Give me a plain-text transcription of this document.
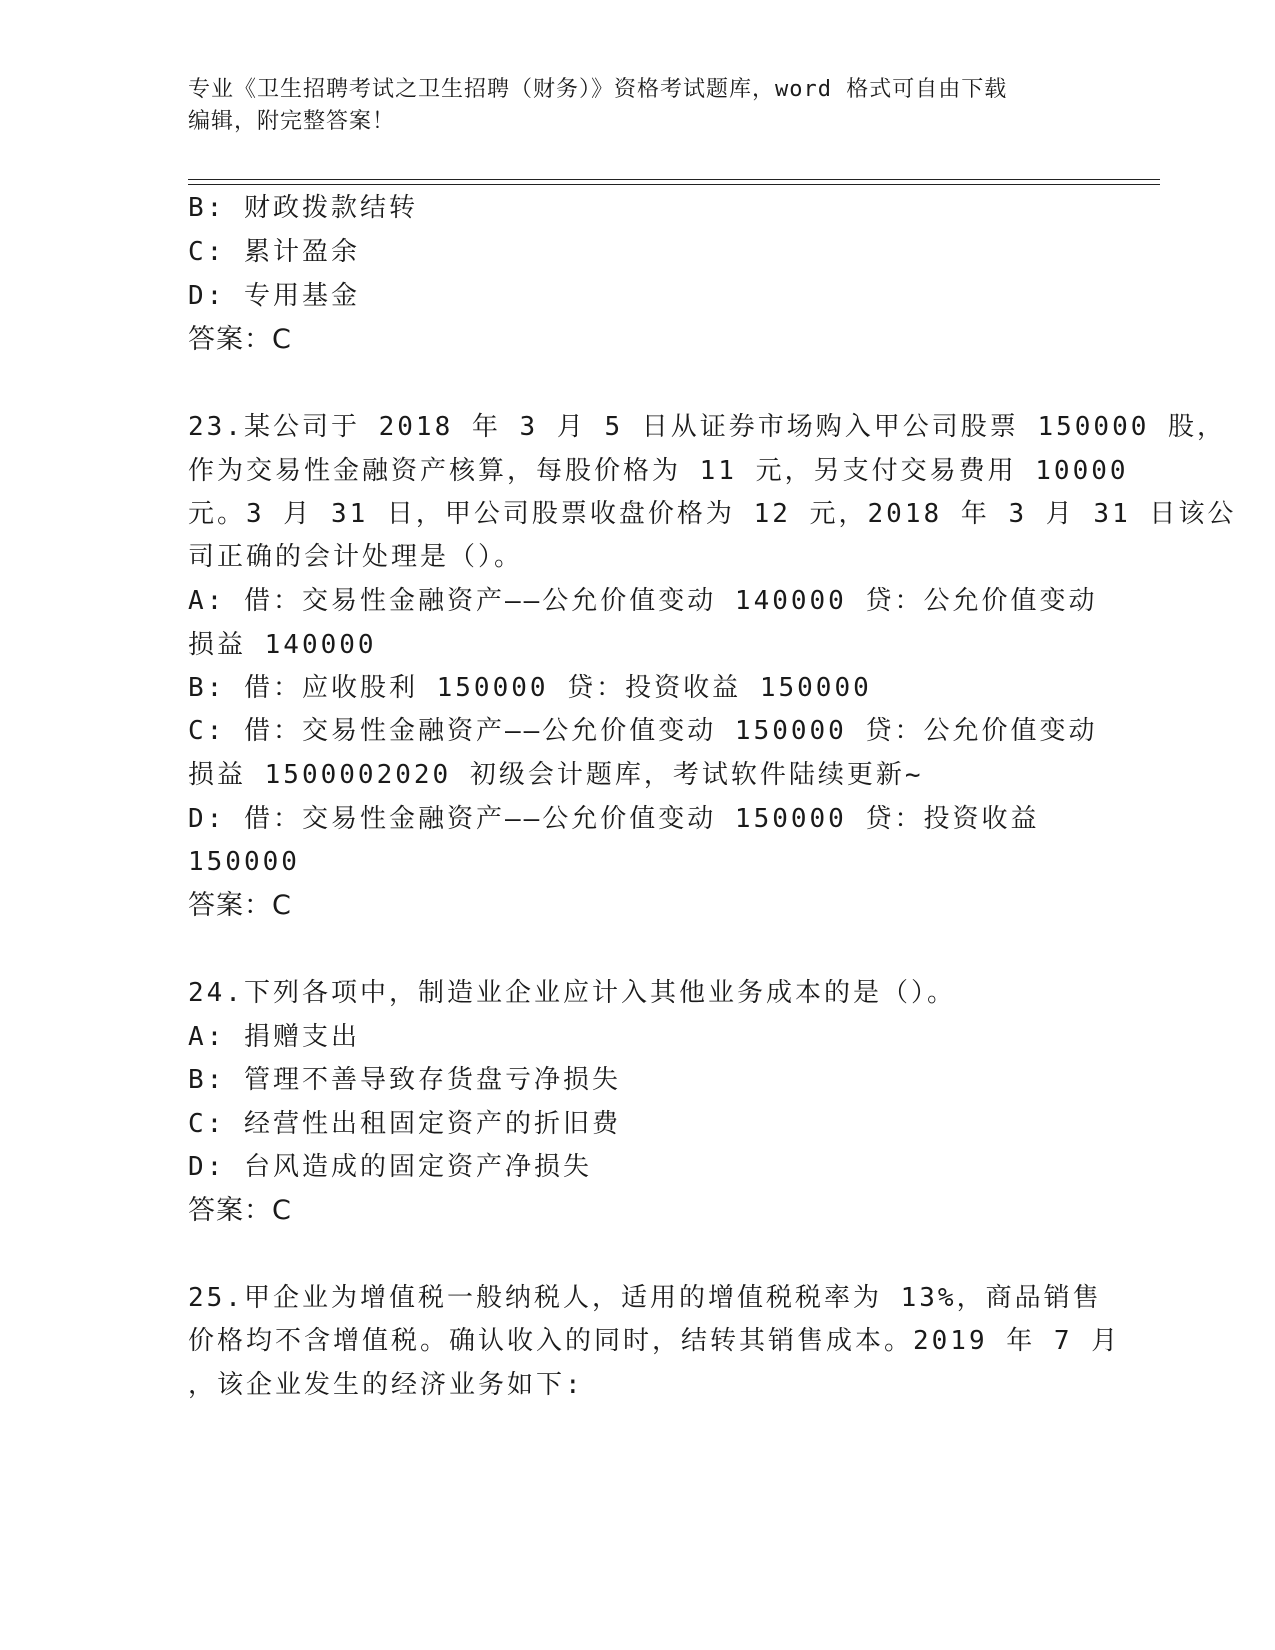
专业《卫生招聘考试之卫生招聘（财务）》资格考试题库，word 格式可自由下载
编辑，附完整答案！
B: 财政拨款结转
C: 累计盈余
D: 专用基金
答案：C
23.某公司于 2018 年 3 月 5 日从证券市场购入甲公司股票 150000 股，
作为交易性金融资产核算，每股价格为 11 元，另支付交易费用 10000
元。3 月 31 日，甲公司股票收盘价格为 12 元，2018 年 3 月 31 日该公
司正确的会计处理是（）。
A: 借：交易性金融资产——公允价值变动 140000 贷：公允价值变动
损益 140000
B: 借：应收股利 150000 贷：投资收益 150000
C: 借：交易性金融资产——公允价值变动 150000 贷：公允价值变动
损益 1500002020 初级会计题库，考试软件陆续更新~
D: 借：交易性金融资产——公允价值变动 150000 贷：投资收益
150000
答案：C
24.下列各项中，制造业企业应计入其他业务成本的是（）。
A: 捐赠支出
B: 管理不善导致存货盘亏净损失
C: 经营性出租固定资产的折旧费
D: 台风造成的固定资产净损失
答案：C
25.甲企业为增值税一般纳税人，适用的增值税税率为 13%，商品销售
价格均不含增值税。确认收入的同时，结转其销售成本。2019 年 7 月
，该企业发生的经济业务如下:
